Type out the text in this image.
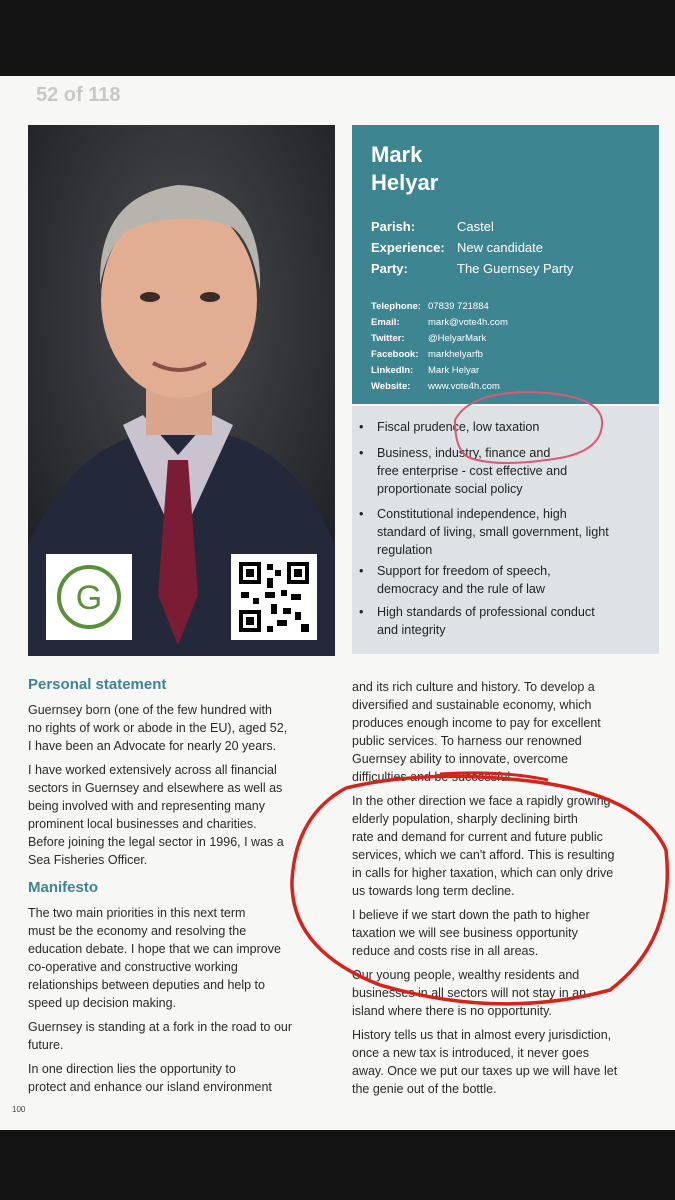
52 of 118
G
Mark
Helyar
Parish:	Castel
Experience: New candidate
Party:	The Guernsey Party
Telephone: 07839 721884
Email:	mark@vote4h.com
Twitter: @HelyarMark
Facebook: markhelyarfb
LinkedIn: Mark Helyar
Website: www.vote4h.com
• Fiscal prudence, low taxation
• Business, industry, finance and
free enterprise - cost effective and
proportionate social policy
• Constitutional independence, high
standard of living, small government, light
regulation
• Support for freedom of speech,
democracy and the rule of law
• High standards of professional conduct
and integrity
Personal statement

Guernsey born (one of the few hundred with
no rights of work or abode in the EU), aged 52,
I have been an Advocate for nearly 20 years.

I have worked extensively across all financial
sectors in Guernsey and elsewhere as well as
being involved with and representing many
prominent local businesses and charities.
Before joining the legal sector in 1996, I was a
Sea Fisheries Officer.

Manifesto

The two main priorities in this next term
must be the economy and resolving the
education debate. I hope that we can improve
co-operative and constructive working
relationships between deputies and help to
speed up decision making.

Guernsey is standing at a fork in the road to our
future.

In one direction lies the opportunity to
protect and enhance our island environment

and its rich culture and history. To develop a
diversified and sustainable economy, which
produces enough income to pay for excellent
public services. To harness our renowned
Guernsey ability to innovate, overcome
difficulties and be successful.

In the other direction we face a rapidly growing
elderly population, sharply declining birth
rate and demand for current and future public
services, which we can't afford. This is resulting
in calls for higher taxation, which can only drive
us towards long term decline.

I believe if we start down the path to higher
taxation we will see business opportunity
reduce and costs rise in all areas.

Our young people, wealthy residents and
businesses in all sectors will not stay in an
island where there is no opportunity.

History tells us that in almost every jurisdiction,
once a new tax is introduced, it never goes
away. Once we put our taxes up we will have let
the genie out of the bottle.

100
